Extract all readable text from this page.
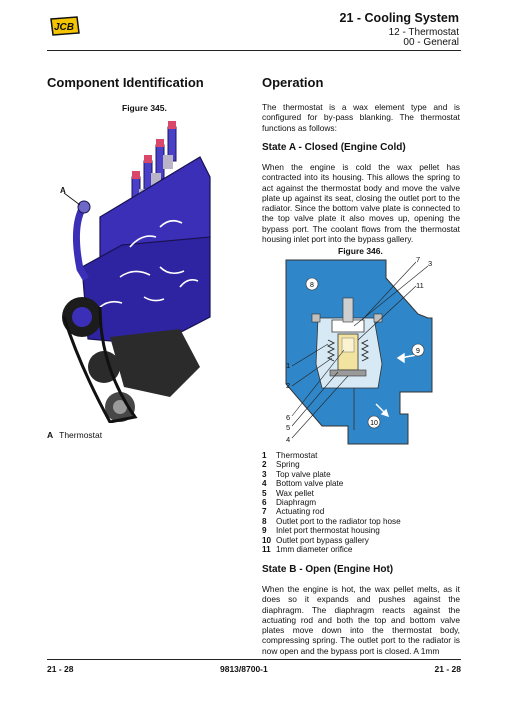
JCB
21 - Cooling System
12 - Thermostat
00 - General
Component Identification
Figure 345.
A
A Thermostat
Operation

The thermostat is a wax element type and is configured for by-pass blanking. The thermostat functions as follows:

State A - Closed (Engine Cold)

When the engine is cold the wax pellet has contracted into its housing. This allows the spring to act against the thermostat body and move the valve plate up against its seat, closing the outlet port to the radiator. Since the bottom valve plate is connected to the top valve plate it also moves up, opening the bypass port. The coolant flows from the thermostat housing inlet port into the bypass gallery.

Figure 346.
8
9
10
7 3
11
1
2
6
5
4
1	Thermostat
2	Spring
3	Top valve plate
4	Bottom valve plate
5	Wax pellet
6	Diaphragm
7	Actuating rod
8	Outlet port to the radiator top hose
9	Inlet port thermostat housing
10 Outlet port bypass gallery
11 1mm diameter orifice
State B - Open (Engine Hot)

When the engine is hot, the wax pellet melts, as it does so it expands and pushes against the diaphragm. The diaphragm reacts against the actuating rod and both the top and bottom valve plates move down into the thermostat body, compressing spring. The outlet port to the radiator is now open and the bypass port is closed. A 1mm

21 - 28	9813/8700-1	21 - 28
